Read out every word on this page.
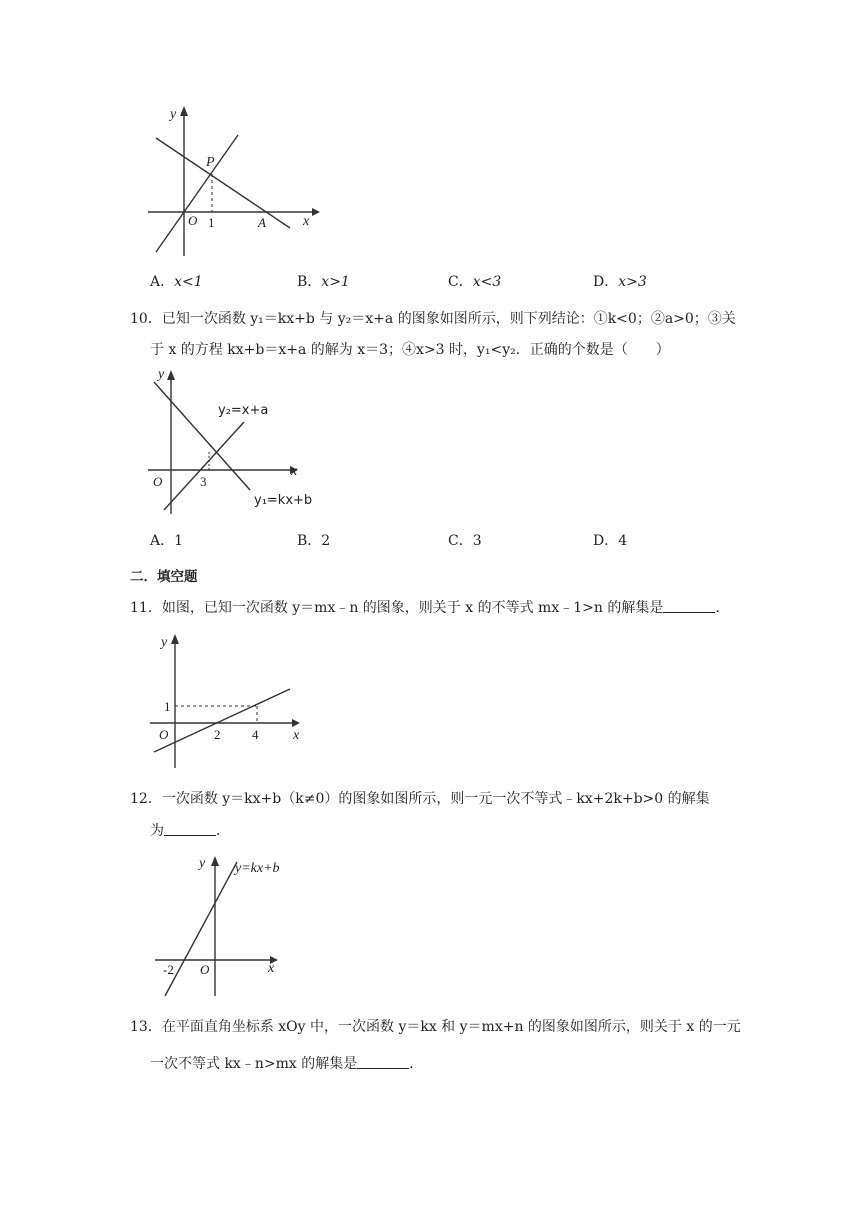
y
P
O 1	A	x
A．x<1	B．x>1	C．x<3	D．x>3
10．已知一次函数 y₁＝kx+b 与 y₂＝x+a 的图象如图所示，则下列结论：①k<0；②a>0；③关
于 x 的方程 kx+b＝x+a 的解为 x＝3；④x>3 时，y₁<y₂．正确的个数是（　　）
y
y₂=x+a
x
O	3
y₁=kx+b
A．1	B．2	C．3	D．4
二．填空题
11．如图，已知一次函数 y＝mx﹣n 的图象，则关于 x 的不等式 mx﹣1>n 的解集是	．
y
1
O	2 4 x
12．一次函数 y＝kx+b（k≠0）的图象如图所示，则一元一次不等式﹣kx+2k+b>0 的解集
为	．
y y=kx+b
-2 O	x
13．在平面直角坐标系 xOy 中，一次函数 y＝kx 和 y＝mx+n 的图象如图所示，则关于 x 的一元
一次不等式 kx﹣n>mx 的解集是	．
